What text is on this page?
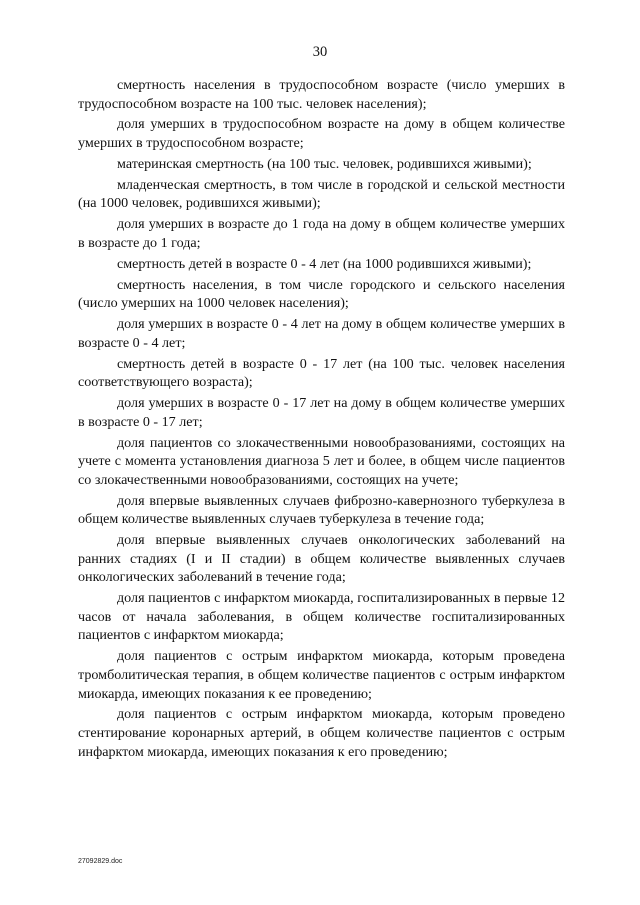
30

смертность населения в трудоспособном возрасте (число умерших в трудоспособном возрасте на 100 тыс. человек населения);

доля умерших в трудоспособном возрасте на дому в общем количестве умерших в трудоспособном возрасте;

материнская смертность (на 100 тыс. человек, родившихся живыми);

младенческая смертность, в том числе в городской и сельской местности (на 1000 человек, родившихся живыми);

доля умерших в возрасте до 1 года на дому в общем количестве умерших в возрасте до 1 года;

смертность детей в возрасте 0 - 4 лет (на 1000 родившихся живыми);

смертность населения, в том числе городского и сельского населения (число умерших на 1000 человек населения);

доля умерших в возрасте 0 - 4 лет на дому в общем количестве умерших в возрасте 0 - 4 лет;

смертность детей в возрасте 0 - 17 лет (на 100 тыс. человек населения соответствующего возраста);

доля умерших в возрасте 0 - 17 лет на дому в общем количестве умерших в возрасте 0 - 17 лет;

доля пациентов со злокачественными новообразованиями, состоящих на учете с момента установления диагноза 5 лет и более, в общем числе пациентов со злокачественными новообразованиями, состоящих на учете;

доля впервые выявленных случаев фиброзно-кавернозного туберкулеза в общем количестве выявленных случаев туберкулеза в течение года;

доля впервые выявленных случаев онкологических заболеваний на ранних стадиях (I и II стадии) в общем количестве выявленных случаев онкологических заболеваний в течение года;

доля пациентов с инфарктом миокарда, госпитализированных в первые 12 часов от начала заболевания, в общем количестве госпитализированных пациентов с инфарктом миокарда;

доля пациентов с острым инфарктом миокарда, которым проведена тромболитическая терапия, в общем количестве пациентов с острым инфарктом миокарда, имеющих показания к ее проведению;

доля пациентов с острым инфарктом миокарда, которым проведено стентирование коронарных артерий, в общем количестве пациентов с острым инфарктом миокарда, имеющих показания к его проведению;

27092829.doc
